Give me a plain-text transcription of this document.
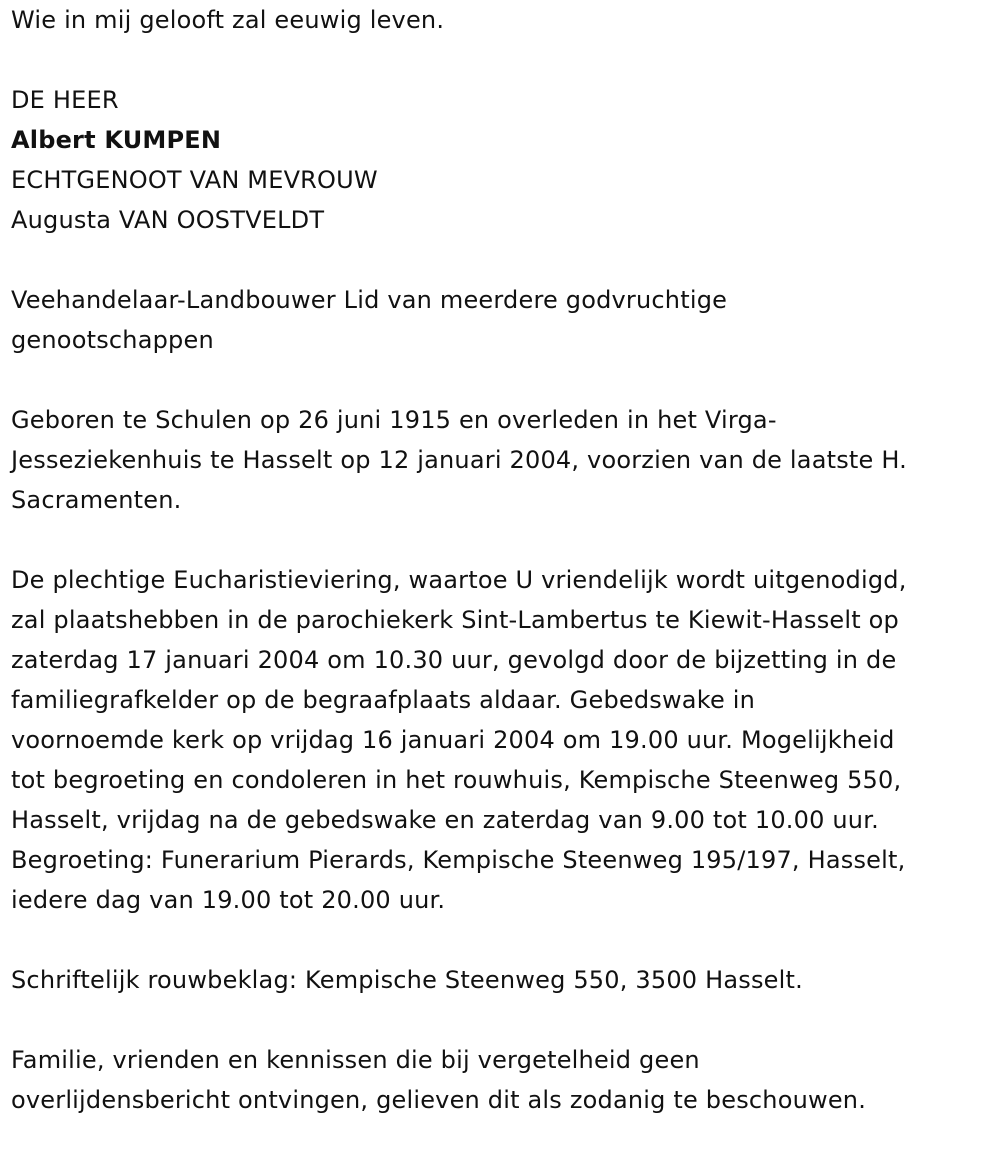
Wie in mij gelooft zal eeuwig leven.
DE HEER
Albert KUMPEN
ECHTGENOOT VAN MEVROUW
Augusta VAN OOSTVELDT
Veehandelaar-Landbouwer Lid van meerdere godvruchtige
genootschappen
Geboren te Schulen op 26 juni 1915 en overleden in het Virga-
Jesseziekenhuis te Hasselt op 12 januari 2004, voorzien van de laatste H.
Sacramenten.
De plechtige Eucharistieviering, waartoe U vriendelijk wordt uitgenodigd,
zal plaatshebben in de parochiekerk Sint-Lambertus te Kiewit-Hasselt op
zaterdag 17 januari 2004 om 10.30 uur, gevolgd door de bijzetting in de
familiegrafkelder op de begraafplaats aldaar. Gebedswake in
voornoemde kerk op vrijdag 16 januari 2004 om 19.00 uur. Mogelijkheid
tot begroeting en condoleren in het rouwhuis, Kempische Steenweg 550,
Hasselt, vrijdag na de gebedswake en zaterdag van 9.00 tot 10.00 uur.
Begroeting: Funerarium Pierards, Kempische Steenweg 195/197, Hasselt,
iedere dag van 19.00 tot 20.00 uur.
Schriftelijk rouwbeklag: Kempische Steenweg 550, 3500 Hasselt.
Familie, vrienden en kennissen die bij vergetelheid geen
overlijdensbericht ontvingen, gelieven dit als zodanig te beschouwen.
